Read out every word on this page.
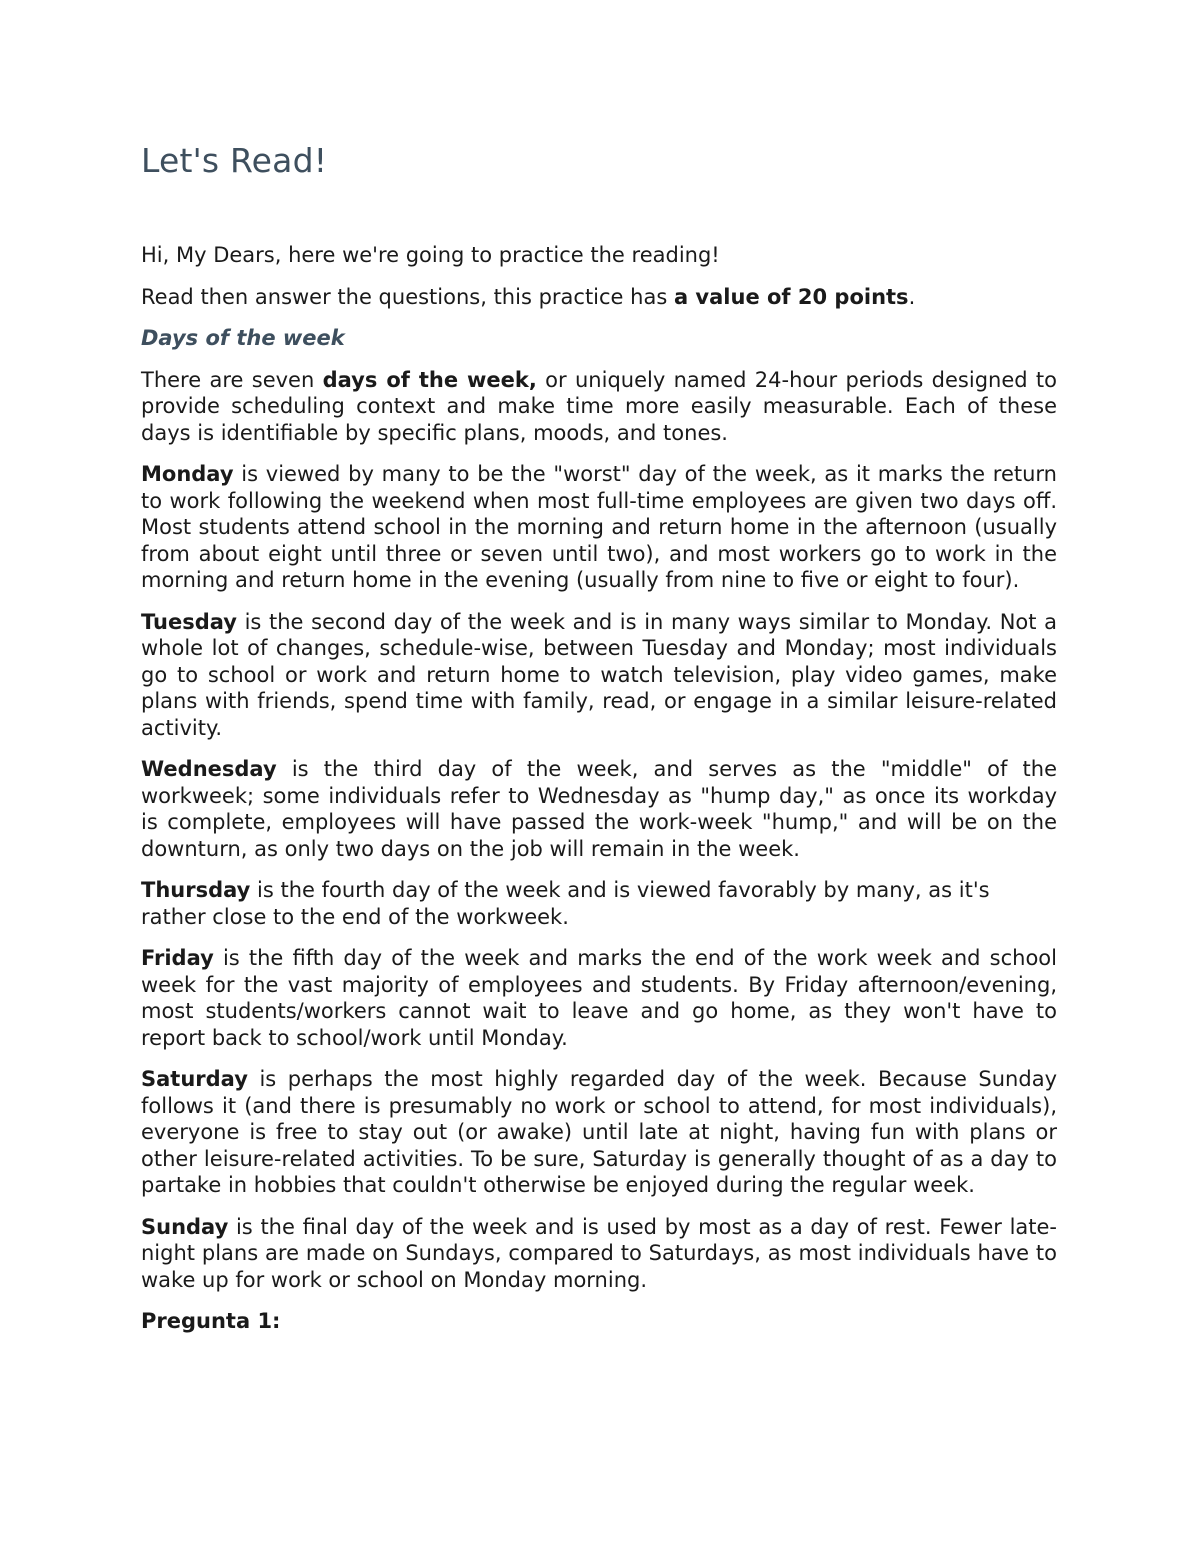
Let's Read!

Hi, My Dears, here we're going to practice the reading!

Read then answer the questions, this practice has a value of 20 points.

Days of the week

There are seven days of the week, or uniquely named 24-hour periods designed to provide scheduling context and make time more easily measurable. Each of these days is identifiable by specific plans, moods, and tones.

Monday is viewed by many to be the "worst" day of the week, as it marks the return to work following the weekend when most full-time employees are given two days off. Most students attend school in the morning and return home in the afternoon (usually from about eight until three or seven until two), and most workers go to work in the morning and return home in the evening (usually from nine to five or eight to four).

Tuesday is the second day of the week and is in many ways similar to Monday. Not a whole lot of changes, schedule-wise, between Tuesday and Monday; most individuals go to school or work and return home to watch television, play video games, make plans with friends, spend time with family, read, or engage in a similar leisure-related activity.

Wednesday is the third day of the week, and serves as the "middle" of the workweek; some individuals refer to Wednesday as "hump day," as once its workday is complete, employees will have passed the work-week "hump," and will be on the downturn, as only two days on the job will remain in the week.

Thursday is the fourth day of the week and is viewed favorably by many, as it's rather close to the end of the workweek.

Friday is the fifth day of the week and marks the end of the work week and school week for the vast majority of employees and students. By Friday afternoon/evening, most students/workers cannot wait to leave and go home, as they won't have to report back to school/work until Monday.

Saturday is perhaps the most highly regarded day of the week. Because Sunday follows it (and there is presumably no work or school to attend, for most individuals), everyone is free to stay out (or awake) until late at night, having fun with plans or other leisure-related activities. To be sure, Saturday is generally thought of as a day to partake in hobbies that couldn't otherwise be enjoyed during the regular week.

Sunday is the final day of the week and is used by most as a day of rest. Fewer late-night plans are made on Sundays, compared to Saturdays, as most individuals have to wake up for work or school on Monday morning.

Pregunta 1:
